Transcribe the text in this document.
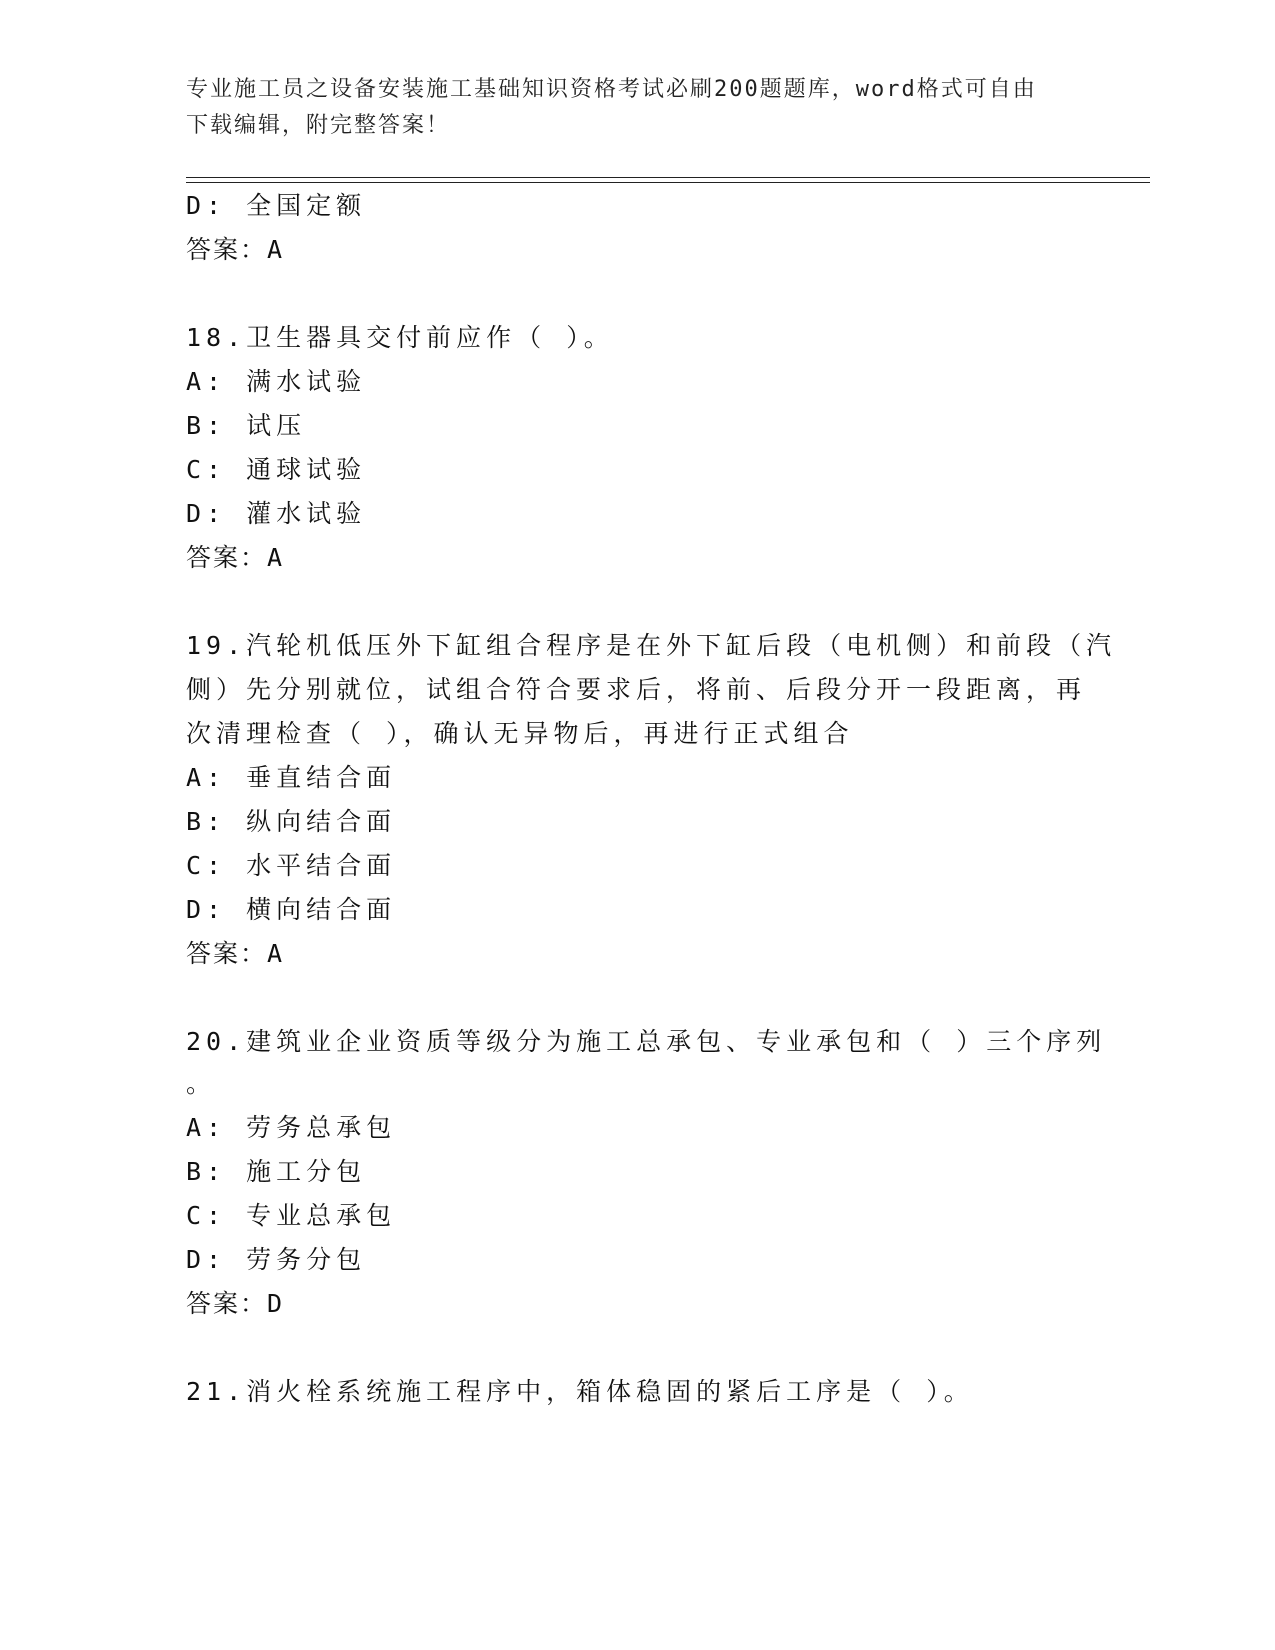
专业施工员之设备安装施工基础知识资格考试必刷200题题库，word格式可自由
下载编辑，附完整答案！
D: 全国定额
答案：A
18.卫生器具交付前应作（ ）。
A: 满水试验
B: 试压
C: 通球试验
D: 灌水试验
答案：A
19.汽轮机低压外下缸组合程序是在外下缸后段（电机侧）和前段（汽
侧）先分别就位，试组合符合要求后，将前、后段分开一段距离，再
次清理检查（ ），确认无异物后，再进行正式组合
A: 垂直结合面
B: 纵向结合面
C: 水平结合面
D: 横向结合面
答案：A
20.建筑业企业资质等级分为施工总承包、专业承包和（ ）三个序列
。
A: 劳务总承包
B: 施工分包
C: 专业总承包
D: 劳务分包
答案：D
21.消火栓系统施工程序中，箱体稳固的紧后工序是（ ）。
